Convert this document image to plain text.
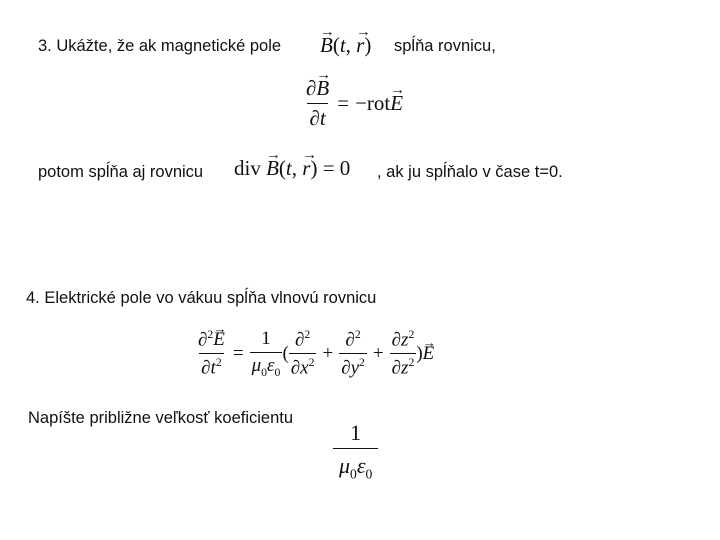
3. Ukážte, že ak magnetické pole → B(t, → r) spĺňa rovnicu,
$\frac{\partial\to B}{\partial t} = -rot\to E$
potom spĺňa aj rovnicu div → B(t, → r) = 0 , ak ju spĺňalo v čase t=0.
4. Elektrické pole vo vákuu spĺňa vlnovú rovnicu
$\frac{\partial^2\to E}{\partial t^2} = \frac{1}{\mu_0\varepsilon_0}$ ( $\frac{\partial^2}{\partial x^2} + \frac{\partial^2}{\partial y^2} + \frac{\partial z^2}{\partial z^2}$ )→ E
Napíšte približne veľkosť koeficientu
$\frac{1}{\mu_0\varepsilon_0}$
